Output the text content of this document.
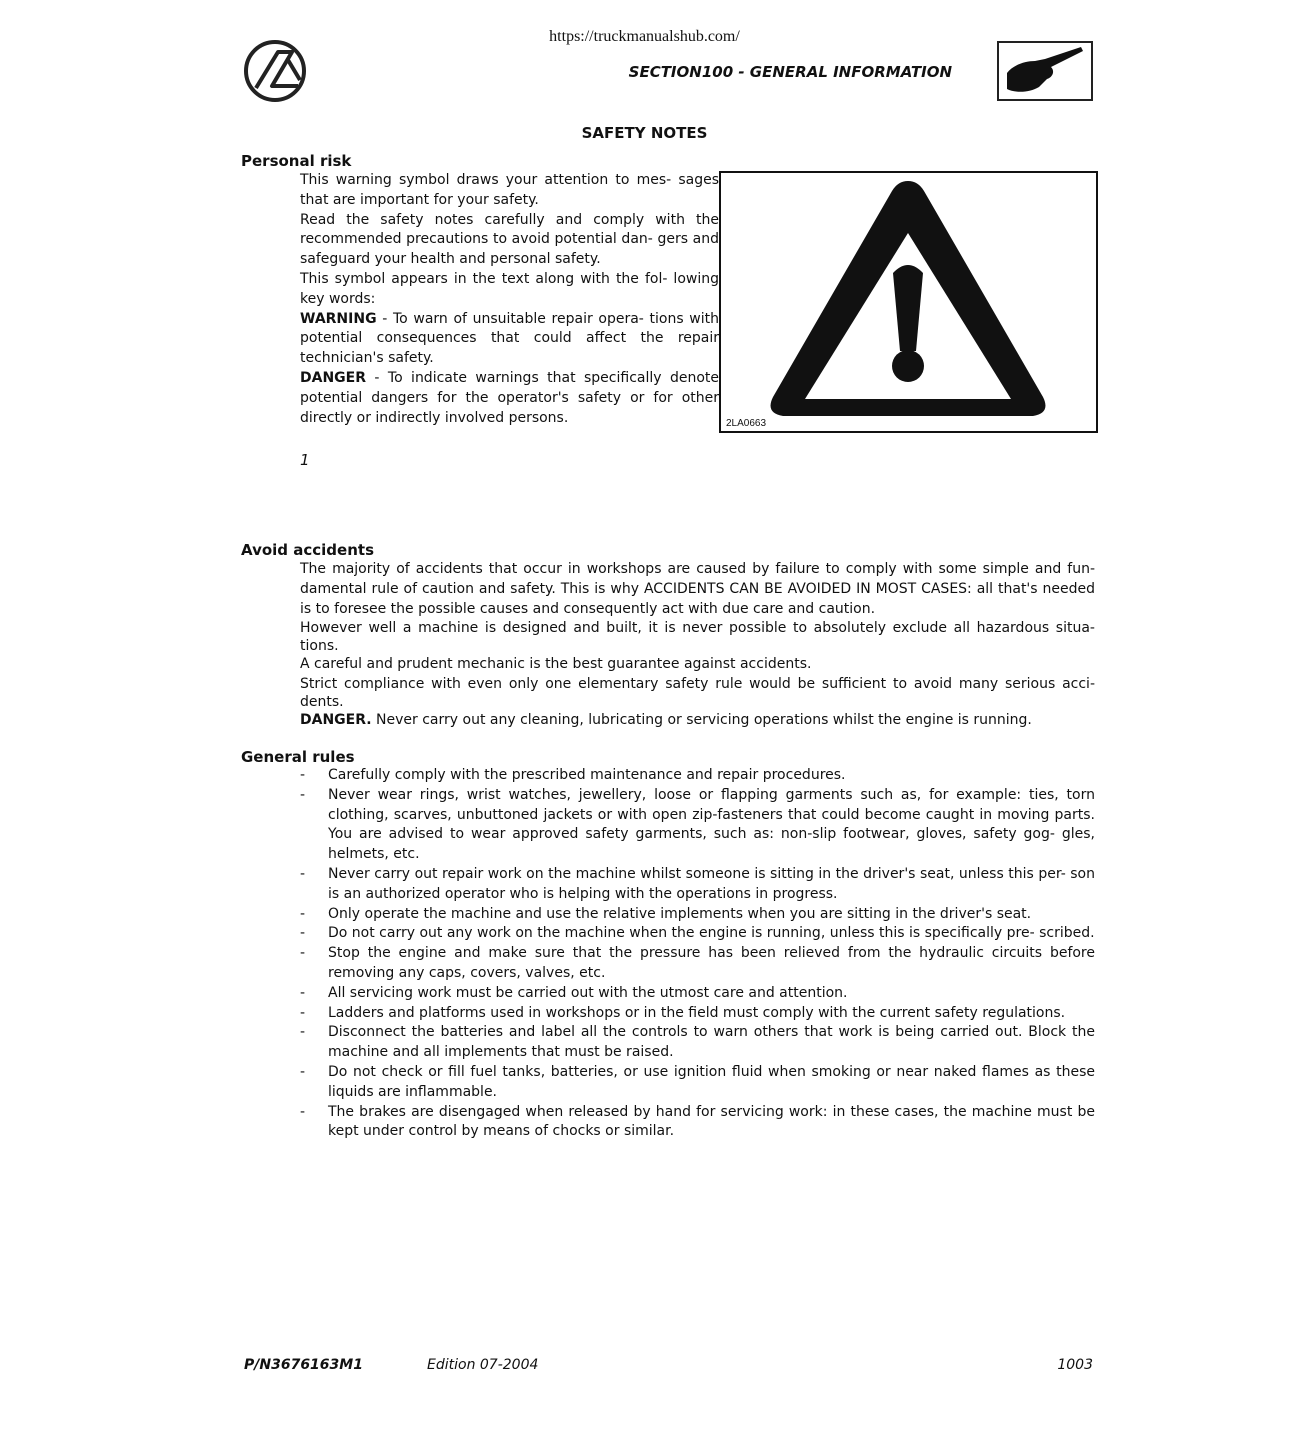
https://truckmanualshub.com/
SECTION100 - GENERAL INFORMATION
SAFETY NOTES
Personal risk
This warning symbol draws your attention to mes- sages that are important for your safety.
Read the safety notes carefully and comply with the recommended precautions to avoid potential dan- gers and safeguard your health and personal safety.
This symbol appears in the text along with the fol- lowing key words:
WARNING - To warn of unsuitable repair opera- tions with potential consequences that could affect the repair technician's safety.
DANGER - To indicate warnings that specifically denote potential dangers for the operator's safety or for other directly or indirectly involved persons.	2LA0663
1
Avoid accidents
The majority of accidents that occur in workshops are caused by failure to comply with some simple and fun- damental rule of caution and safety. This is why ACCIDENTS CAN BE AVOIDED IN MOST CASES: all that's needed is to foresee the possible causes and consequently act with due care and caution.
However well a machine is designed and built, it is never possible to absolutely exclude all hazardous situa- tions.
A careful and prudent mechanic is the best guarantee against accidents.
Strict compliance with even only one elementary safety rule would be sufficient to avoid many serious acci- dents.
DANGER. Never carry out any cleaning, lubricating or servicing operations whilst the engine is running.
General rules
- Carefully comply with the prescribed maintenance and repair procedures.
- Never wear rings, wrist watches, jewellery, loose or flapping garments such as, for example: ties, torn clothing, scarves, unbuttoned jackets or with open zip-fasteners that could become caught in moving parts. You are advised to wear approved safety garments, such as: non-slip footwear, gloves, safety gog- gles, helmets, etc.
- Never carry out repair work on the machine whilst someone is sitting in the driver's seat, unless this per- son is an authorized operator who is helping with the operations in progress.
- Only operate the machine and use the relative implements when you are sitting in the driver's seat.
- Do not carry out any work on the machine when the engine is running, unless this is specifically pre- scribed.
- Stop the engine and make sure that the pressure has been relieved from the hydraulic circuits before removing any caps, covers, valves, etc.
- All servicing work must be carried out with the utmost care and attention.
- Ladders and platforms used in workshops or in the field must comply with the current safety regulations.
- Disconnect the batteries and label all the controls to warn others that work is being carried out. Block the machine and all implements that must be raised.
- Do not check or fill fuel tanks, batteries, or use ignition fluid when smoking or near naked flames as these liquids are inflammable.
- The brakes are disengaged when released by hand for servicing work: in these cases, the machine must be kept under control by means of chocks or similar.
P/N3676163M1	Edition 07-2004	1003
